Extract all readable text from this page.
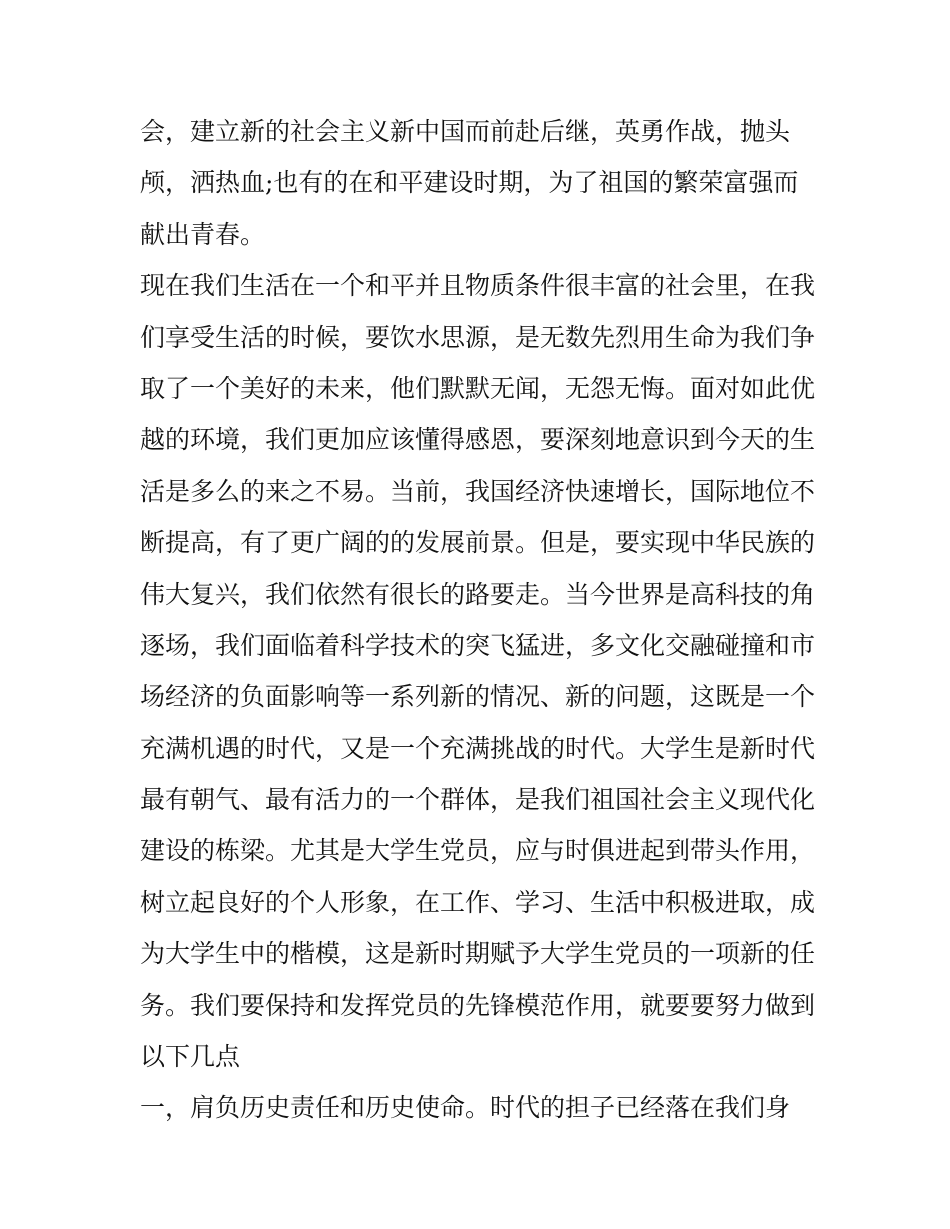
会，建立新的社会主义新中国而前赴后继，英勇作战，抛头
颅，洒热血;也有的在和平建设时期，为了祖国的繁荣富强而
献出青春。
现在我们生活在一个和平并且物质条件很丰富的社会里，在我
们享受生活的时候，要饮水思源，是无数先烈用生命为我们争
取了一个美好的未来，他们默默无闻，无怨无悔。面对如此优
越的环境，我们更加应该懂得感恩，要深刻地意识到今天的生
活是多么的来之不易。当前，我国经济快速增长，国际地位不
断提高，有了更广阔的的发展前景。但是，要实现中华民族的
伟大复兴，我们依然有很长的路要走。当今世界是高科技的角
逐场，我们面临着科学技术的突飞猛进，多文化交融碰撞和市
场经济的负面影响等一系列新的情况、新的问题，这既是一个
充满机遇的时代，又是一个充满挑战的时代。大学生是新时代
最有朝气、最有活力的一个群体，是我们祖国社会主义现代化
建设的栋梁。尤其是大学生党员，应与时俱进起到带头作用，
树立起良好的个人形象，在工作、学习、生活中积极进取，成
为大学生中的楷模，这是新时期赋予大学生党员的一项新的任
务。我们要保持和发挥党员的先锋模范作用，就要要努力做到
以下几点
一，肩负历史责任和历史使命。时代的担子已经落在我们身
